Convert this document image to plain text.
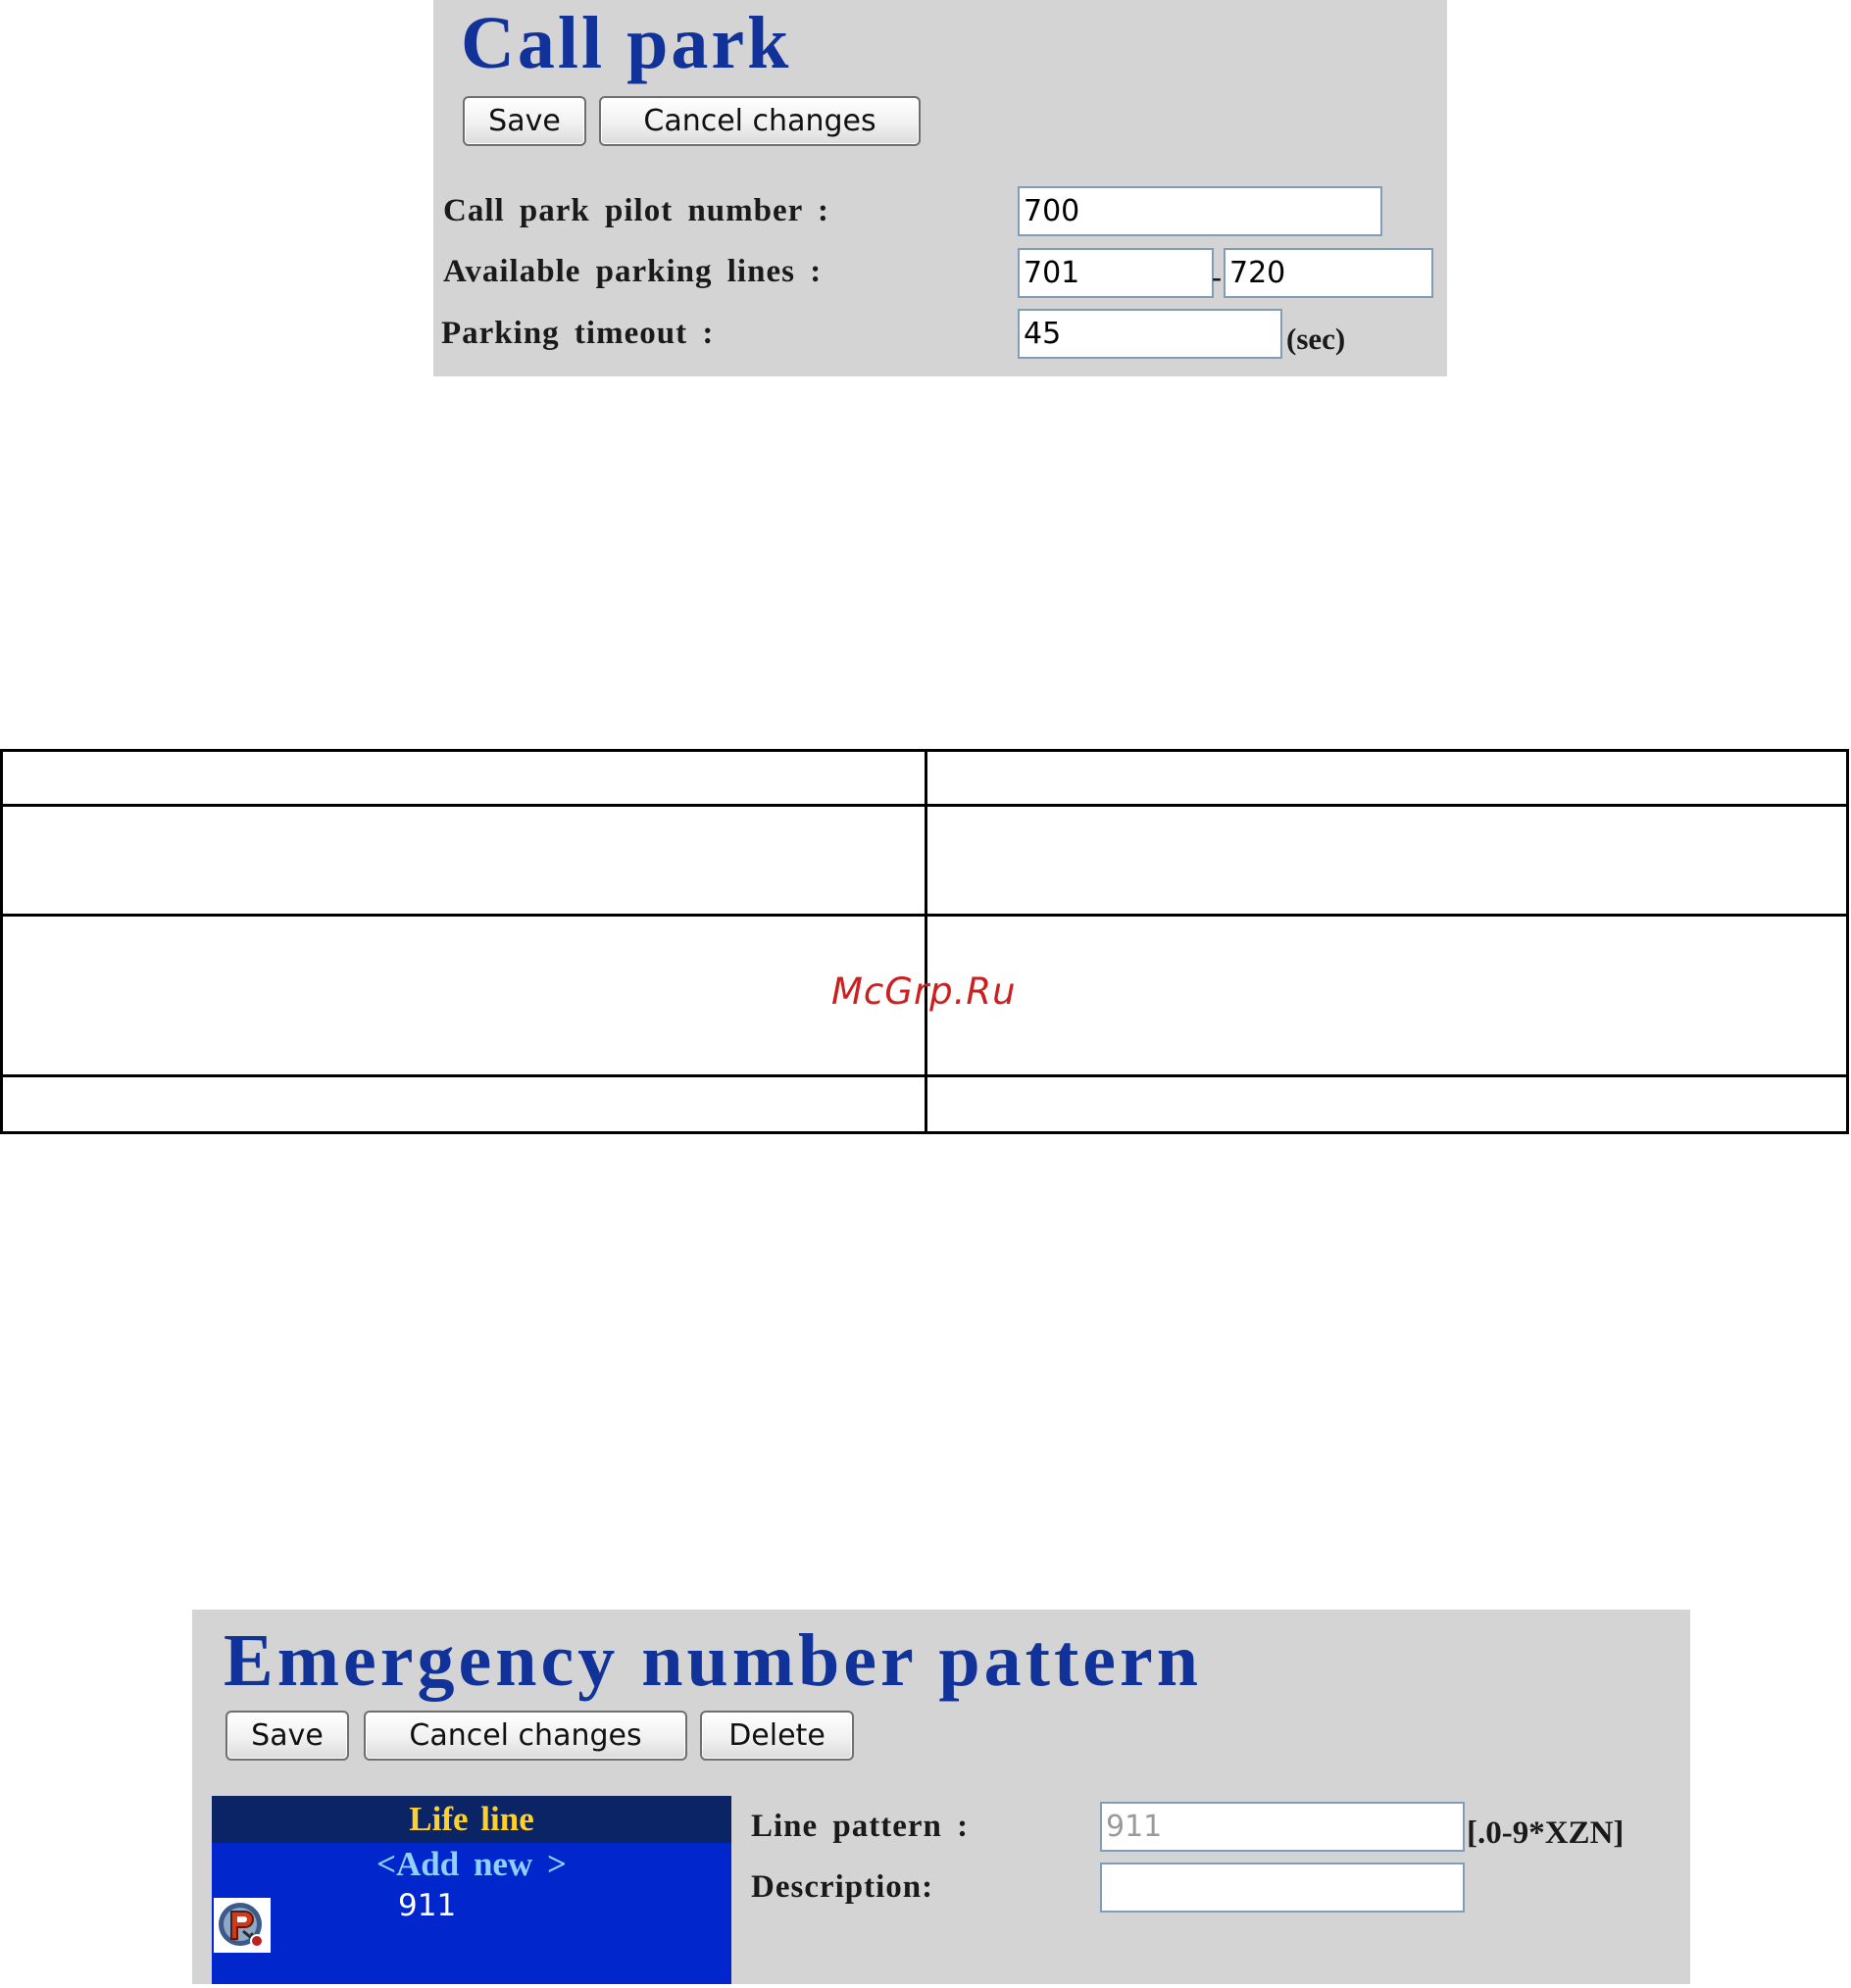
Call park
Save	Cancel changes
Call park pilot number :
700
Available parking lines :
701	-
720
Parking timeout :
45	(sec)

McGrp.Ru
Emergency number pattern
Save	Cancel changes	Delete
Life line
<Add new >
911
Line pattern :
911	[.0-9*XZN]
Description:
